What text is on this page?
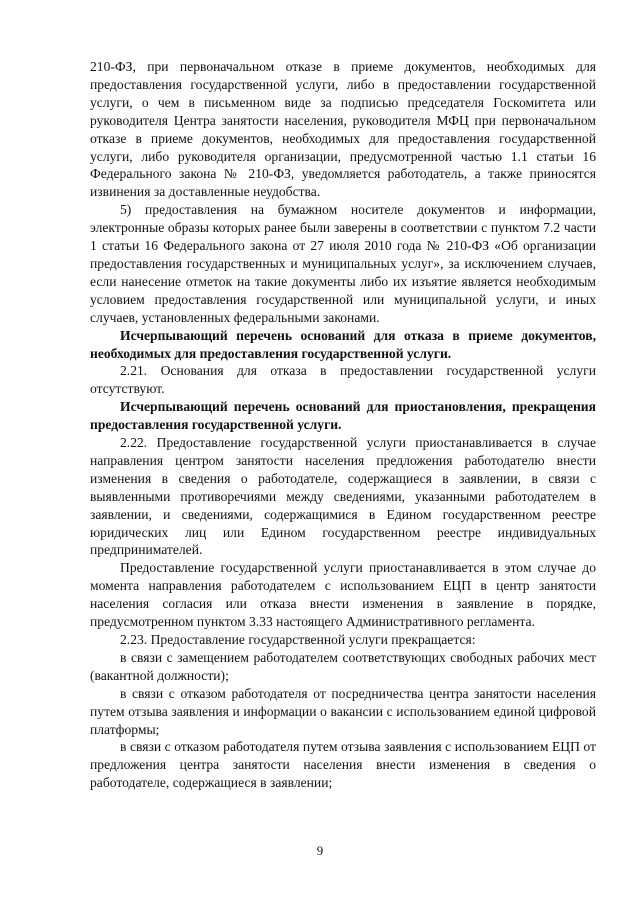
210-ФЗ, при первоначальном отказе в приеме документов, необходимых для предоставления государственной услуги, либо в предоставлении государственной услуги, о чем в письменном виде за подписью председателя Госкомитета или руководителя Центра занятости населения, руководителя МФЦ при первоначальном отказе в приеме документов, необходимых для предоставления государственной услуги, либо руководителя организации, предусмотренной частью 1.1 статьи 16 Федерального закона № 210-ФЗ, уведомляется работодатель, а также приносятся извинения за доставленные неудобства.

5) предоставления на бумажном носителе документов и информации, электронные образы которых ранее были заверены в соответствии с пунктом 7.2 части 1 статьи 16 Федерального закона от 27 июля 2010 года № 210-ФЗ «Об организации предоставления государственных и муниципальных услуг», за исключением случаев, если нанесение отметок на такие документы либо их изъятие является необходимым условием предоставления государственной или муниципальной услуги, и иных случаев, установленных федеральными законами.

Исчерпывающий перечень оснований для отказа в приеме документов, необходимых для предоставления государственной услуги.

2.21. Основания для отказа в предоставлении государственной услуги отсутствуют.

Исчерпывающий перечень оснований для приостановления, прекращения предоставления государственной услуги.

2.22. Предоставление государственной услуги приостанавливается в случае направления центром занятости населения предложения работодателю внести изменения в сведения о работодателе, содержащиеся в заявлении, в связи с выявленными противоречиями между сведениями, указанными работодателем в заявлении, и сведениями, содержащимися в Едином государственном реестре юридических лиц или Едином государственном реестре индивидуальных предпринимателей.

Предоставление государственной услуги приостанавливается в этом случае до момента направления работодателем с использованием ЕЦП в центр занятости населения согласия или отказа внести изменения в заявление в порядке, предусмотренном пунктом 3.33 настоящего Административного регламента.

2.23. Предоставление государственной услуги прекращается:

в связи с замещением работодателем соответствующих свободных рабочих мест (вакантной должности);

в связи с отказом работодателя от посредничества центра занятости населения путем отзыва заявления и информации о вакансии с использованием единой цифровой платформы;

в связи с отказом работодателя путем отзыва заявления с использованием ЕЦП от предложения центра занятости населения внести изменения в сведения о работодателе, содержащиеся в заявлении;

9
